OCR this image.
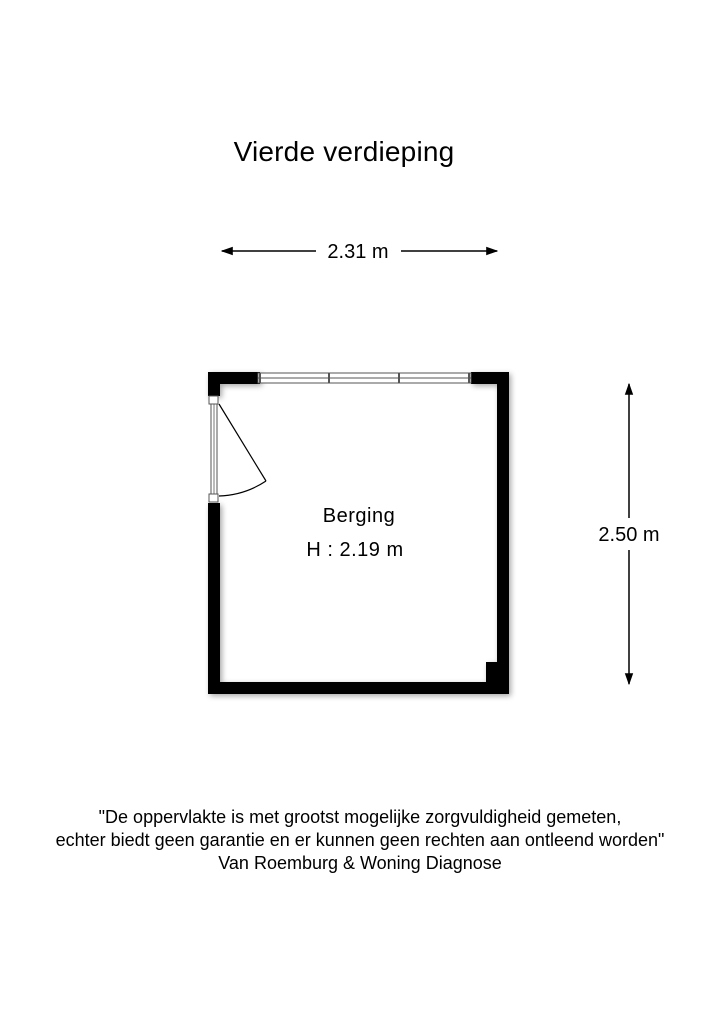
Vierde verdieping
2.31 m
2.50 m
Berging
H : 2.19 m
"De oppervlakte is met grootst mogelijke zorgvuldigheid gemeten,
echter biedt geen garantie en er kunnen geen rechten aan ontleend worden"
Van Roemburg & Woning Diagnose
